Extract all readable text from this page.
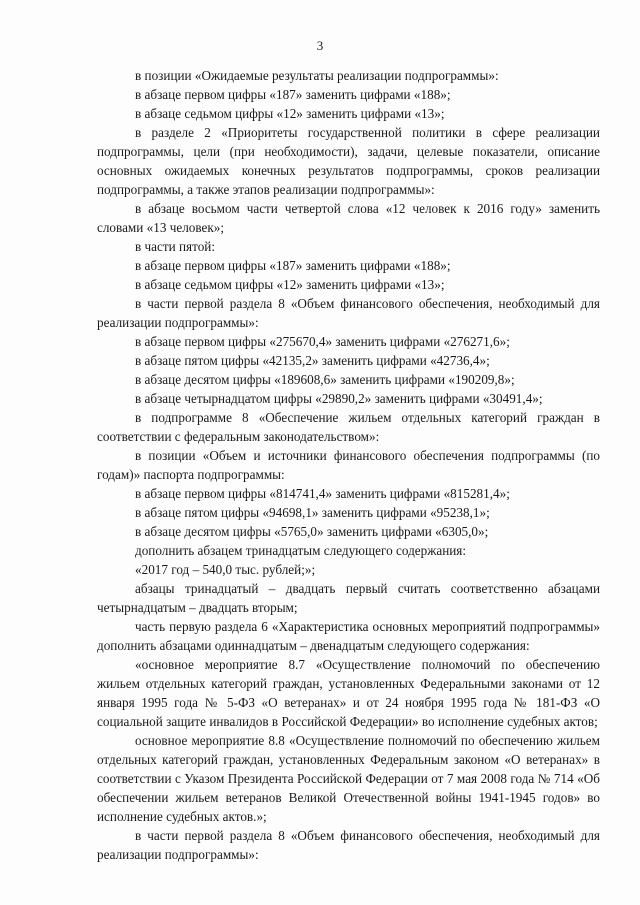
3

в позиции «Ожидаемые результаты реализации подпрограммы»:

в абзаце первом цифры «187» заменить цифрами «188»;

в абзаце седьмом цифры «12» заменить цифрами «13»;

в разделе 2 «Приоритеты государственной политики в сфере реализации подпрограммы, цели (при необходимости), задачи, целевые показатели, описание основных ожидаемых конечных результатов подпрограммы, сроков реализации подпрограммы, а также этапов реализации подпрограммы»:

в абзаце восьмом части четвертой слова «12 человек к 2016 году» заменить словами «13 человек»;

в части пятой:

в абзаце первом цифры «187» заменить цифрами «188»;

в абзаце седьмом цифры «12» заменить цифрами «13»;

в части первой раздела 8 «Объем финансового обеспечения, необходимый для реализации подпрограммы»:

в абзаце первом цифры «275670,4» заменить цифрами «276271,6»;

в абзаце пятом цифры «42135,2» заменить цифрами «42736,4»;

в абзаце десятом цифры «189608,6» заменить цифрами «190209,8»;

в абзаце четырнадцатом цифры «29890,2» заменить цифрами «30491,4»;

в подпрограмме 8 «Обеспечение жильем отдельных категорий граждан в соответствии с федеральным законодательством»:

в позиции «Объем и источники финансового обеспечения подпрограммы (по годам)» паспорта подпрограммы:

в абзаце первом цифры «814741,4» заменить цифрами «815281,4»;

в абзаце пятом цифры «94698,1» заменить цифрами «95238,1»;

в абзаце десятом цифры «5765,0» заменить цифрами «6305,0»;

дополнить абзацем тринадцатым следующего содержания:

«2017 год – 540,0 тыс. рублей;»;

абзацы тринадцатый – двадцать первый считать соответственно абзацами четырнадцатым – двадцать вторым;

часть первую раздела 6 «Характеристика основных мероприятий подпрограммы» дополнить абзацами одиннадцатым – двенадцатым следующего содержания:

«основное мероприятие 8.7 «Осуществление полномочий по обеспечению жильем отдельных категорий граждан, установленных Федеральными законами от 12 января 1995 года № 5-ФЗ «О ветеранах» и от 24 ноября 1995 года № 181-ФЗ «О социальной защите инвалидов в Российской Федерации» во исполнение судебных актов;

основное мероприятие 8.8 «Осуществление полномочий по обеспечению жильем отдельных категорий граждан, установленных Федеральным законом «О ветеранах» в соответствии с Указом Президента Российской Федерации от 7 мая 2008 года № 714 «Об обеспечении жильем ветеранов Великой Отечественной войны 1941-1945 годов» во исполнение судебных актов.»;

в части первой раздела 8 «Объем финансового обеспечения, необходимый для реализации подпрограммы»:
